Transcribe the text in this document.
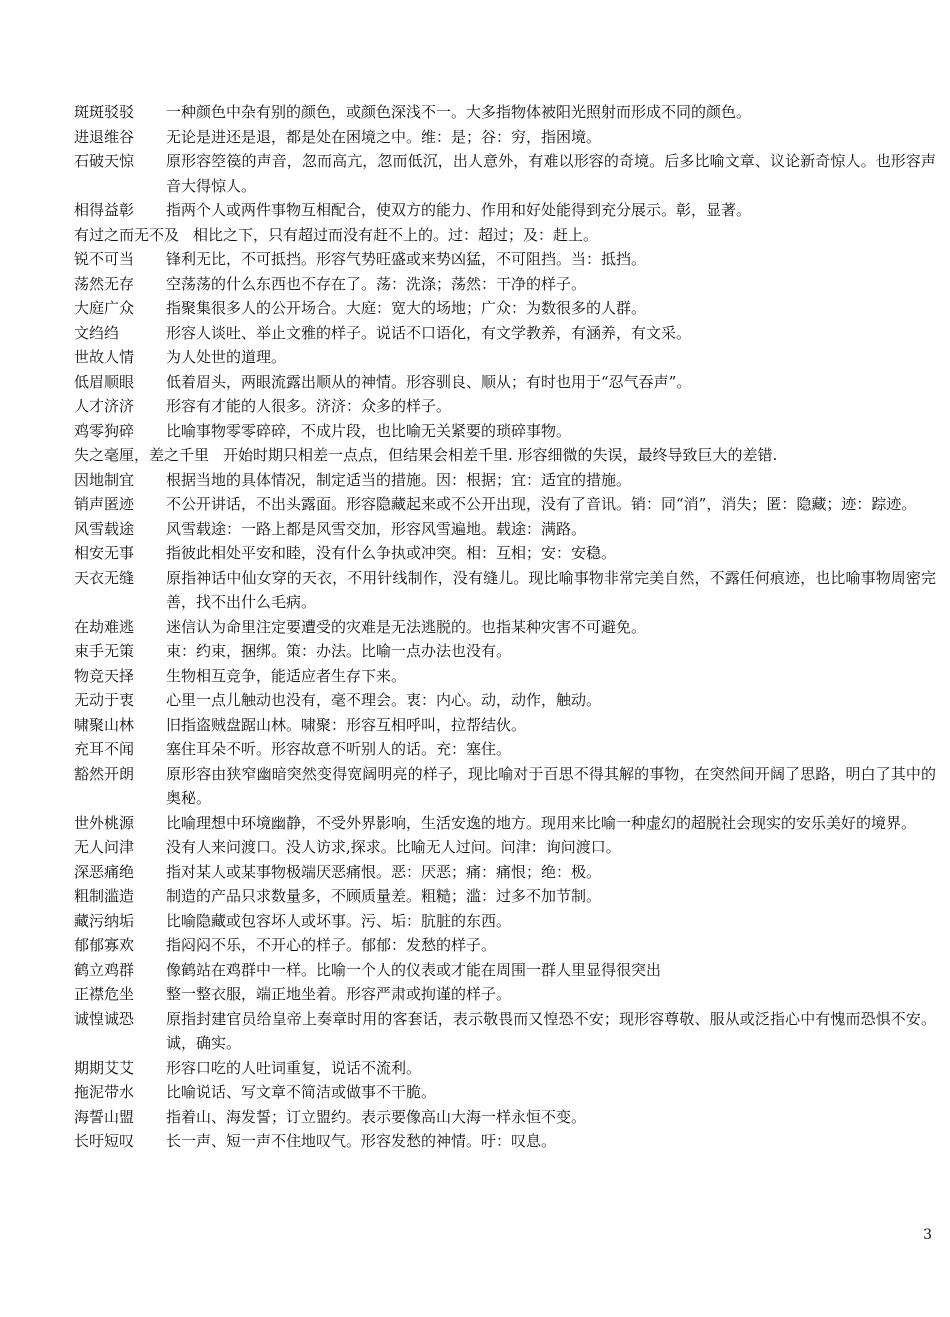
斑斑驳驳	一种颜色中杂有别的颜色，或颜色深浅不一。大多指物体被阳光照射而形成不同的颜色。
进退维谷	无论是进还是退，都是处在困境之中。维：是；谷：穷，指困境。
石破天惊	原形容箜篌的声音，忽而高亢，忽而低沉，出人意外，有难以形容的奇境。后多比喻文章、议论新奇惊人。也形容声音大得惊人。
相得益彰	指两个人或两件事物互相配合，使双方的能力、作用和好处能得到充分展示。彰，显著。
有过之而无不及 相比之下，只有超过而没有赶不上的。过：超过；及：赶上。
锐不可当	锋利无比，不可抵挡。形容气势旺盛或来势凶猛，不可阻挡。当：抵挡。
荡然无存	空荡荡的什么东西也不存在了。荡：洗涤；荡然：干净的样子。
大庭广众	指聚集很多人的公开场合。大庭：宽大的场地；广众：为数很多的人群。
文绉绉	形容人谈吐、举止文雅的样子。说话不口语化，有文学教养，有涵养，有文采。
世故人情	为人处世的道理。
低眉顺眼	低着眉头，两眼流露出顺从的神情。形容驯良、顺从；有时也用于“忍气吞声”。
人才济济	形容有才能的人很多。济济：众多的样子。
鸡零狗碎	比喻事物零零碎碎，不成片段，也比喻无关紧要的琐碎事物。
失之毫厘，差之千里 开始时期只相差一点点，但结果会相差千里. 形容细微的失误，最终导致巨大的差错.
因地制宜	根据当地的具体情况，制定适当的措施。因：根据；宜：适宜的措施。
销声匿迹	不公开讲话，不出头露面。形容隐藏起来或不公开出现，没有了音讯。销：同“消”，消失；匿：隐藏；迹：踪迹。
风雪载途	风雪载途：一路上都是风雪交加，形容风雪遍地。载途：满路。
相安无事	指彼此相处平安和睦，没有什么争执或冲突。相：互相；安：安稳。
天衣无缝	原指神话中仙女穿的天衣，不用针线制作，没有缝儿。现比喻事物非常完美自然，不露任何痕迹，也比喻事物周密完善，找不出什么毛病。
在劫难逃	迷信认为命里注定要遭受的灾难是无法逃脱的。也指某种灾害不可避免。
束手无策	束：约束，捆绑。策：办法。比喻一点办法也没有。
物竞天择	生物相互竞争，能适应者生存下来。
无动于衷	心里一点儿触动也没有，毫不理会。衷：内心。动，动作，触动。
啸聚山林	旧指盗贼盘踞山林。啸聚：形容互相呼叫，拉帮结伙。
充耳不闻	塞住耳朵不听。形容故意不听别人的话。充：塞住。
豁然开朗	原形容由狭窄幽暗突然变得宽阔明亮的样子，现比喻对于百思不得其解的事物，在突然间开阔了思路，明白了其中的奥秘。
世外桃源	比喻理想中环境幽静，不受外界影响，生活安逸的地方。现用来比喻一种虚幻的超脱社会现实的安乐美好的境界。
无人问津	没有人来问渡口。没人访求,探求。比喻无人过问。问津：询问渡口。
深恶痛绝	指对某人或某事物极端厌恶痛恨。恶：厌恶；痛：痛恨；绝：极。
粗制滥造	制造的产品只求数量多，不顾质量差。粗糙；滥：过多不加节制。
藏污纳垢	比喻隐藏或包容坏人或坏事。污、垢：肮脏的东西。
郁郁寡欢	指闷闷不乐，不开心的样子。郁郁：发愁的样子。
鹤立鸡群	像鹤站在鸡群中一样。比喻一个人的仪表或才能在周围一群人里显得很突出
正襟危坐	整一整衣服，端正地坐着。形容严肃或拘谨的样子。
诚惶诚恐	原指封建官员给皇帝上奏章时用的客套话，表示敬畏而又惶恐不安；现形容尊敬、服从或泛指心中有愧而恐惧不安。诚，确实。
期期艾艾	形容口吃的人吐词重复，说话不流利。
拖泥带水	比喻说话、写文章不简洁或做事不干脆。
海誓山盟	指着山、海发誓；订立盟约。表示要像高山大海一样永恒不变。
长吁短叹	长一声、短一声不住地叹气。形容发愁的神情。吁：叹息。
3
